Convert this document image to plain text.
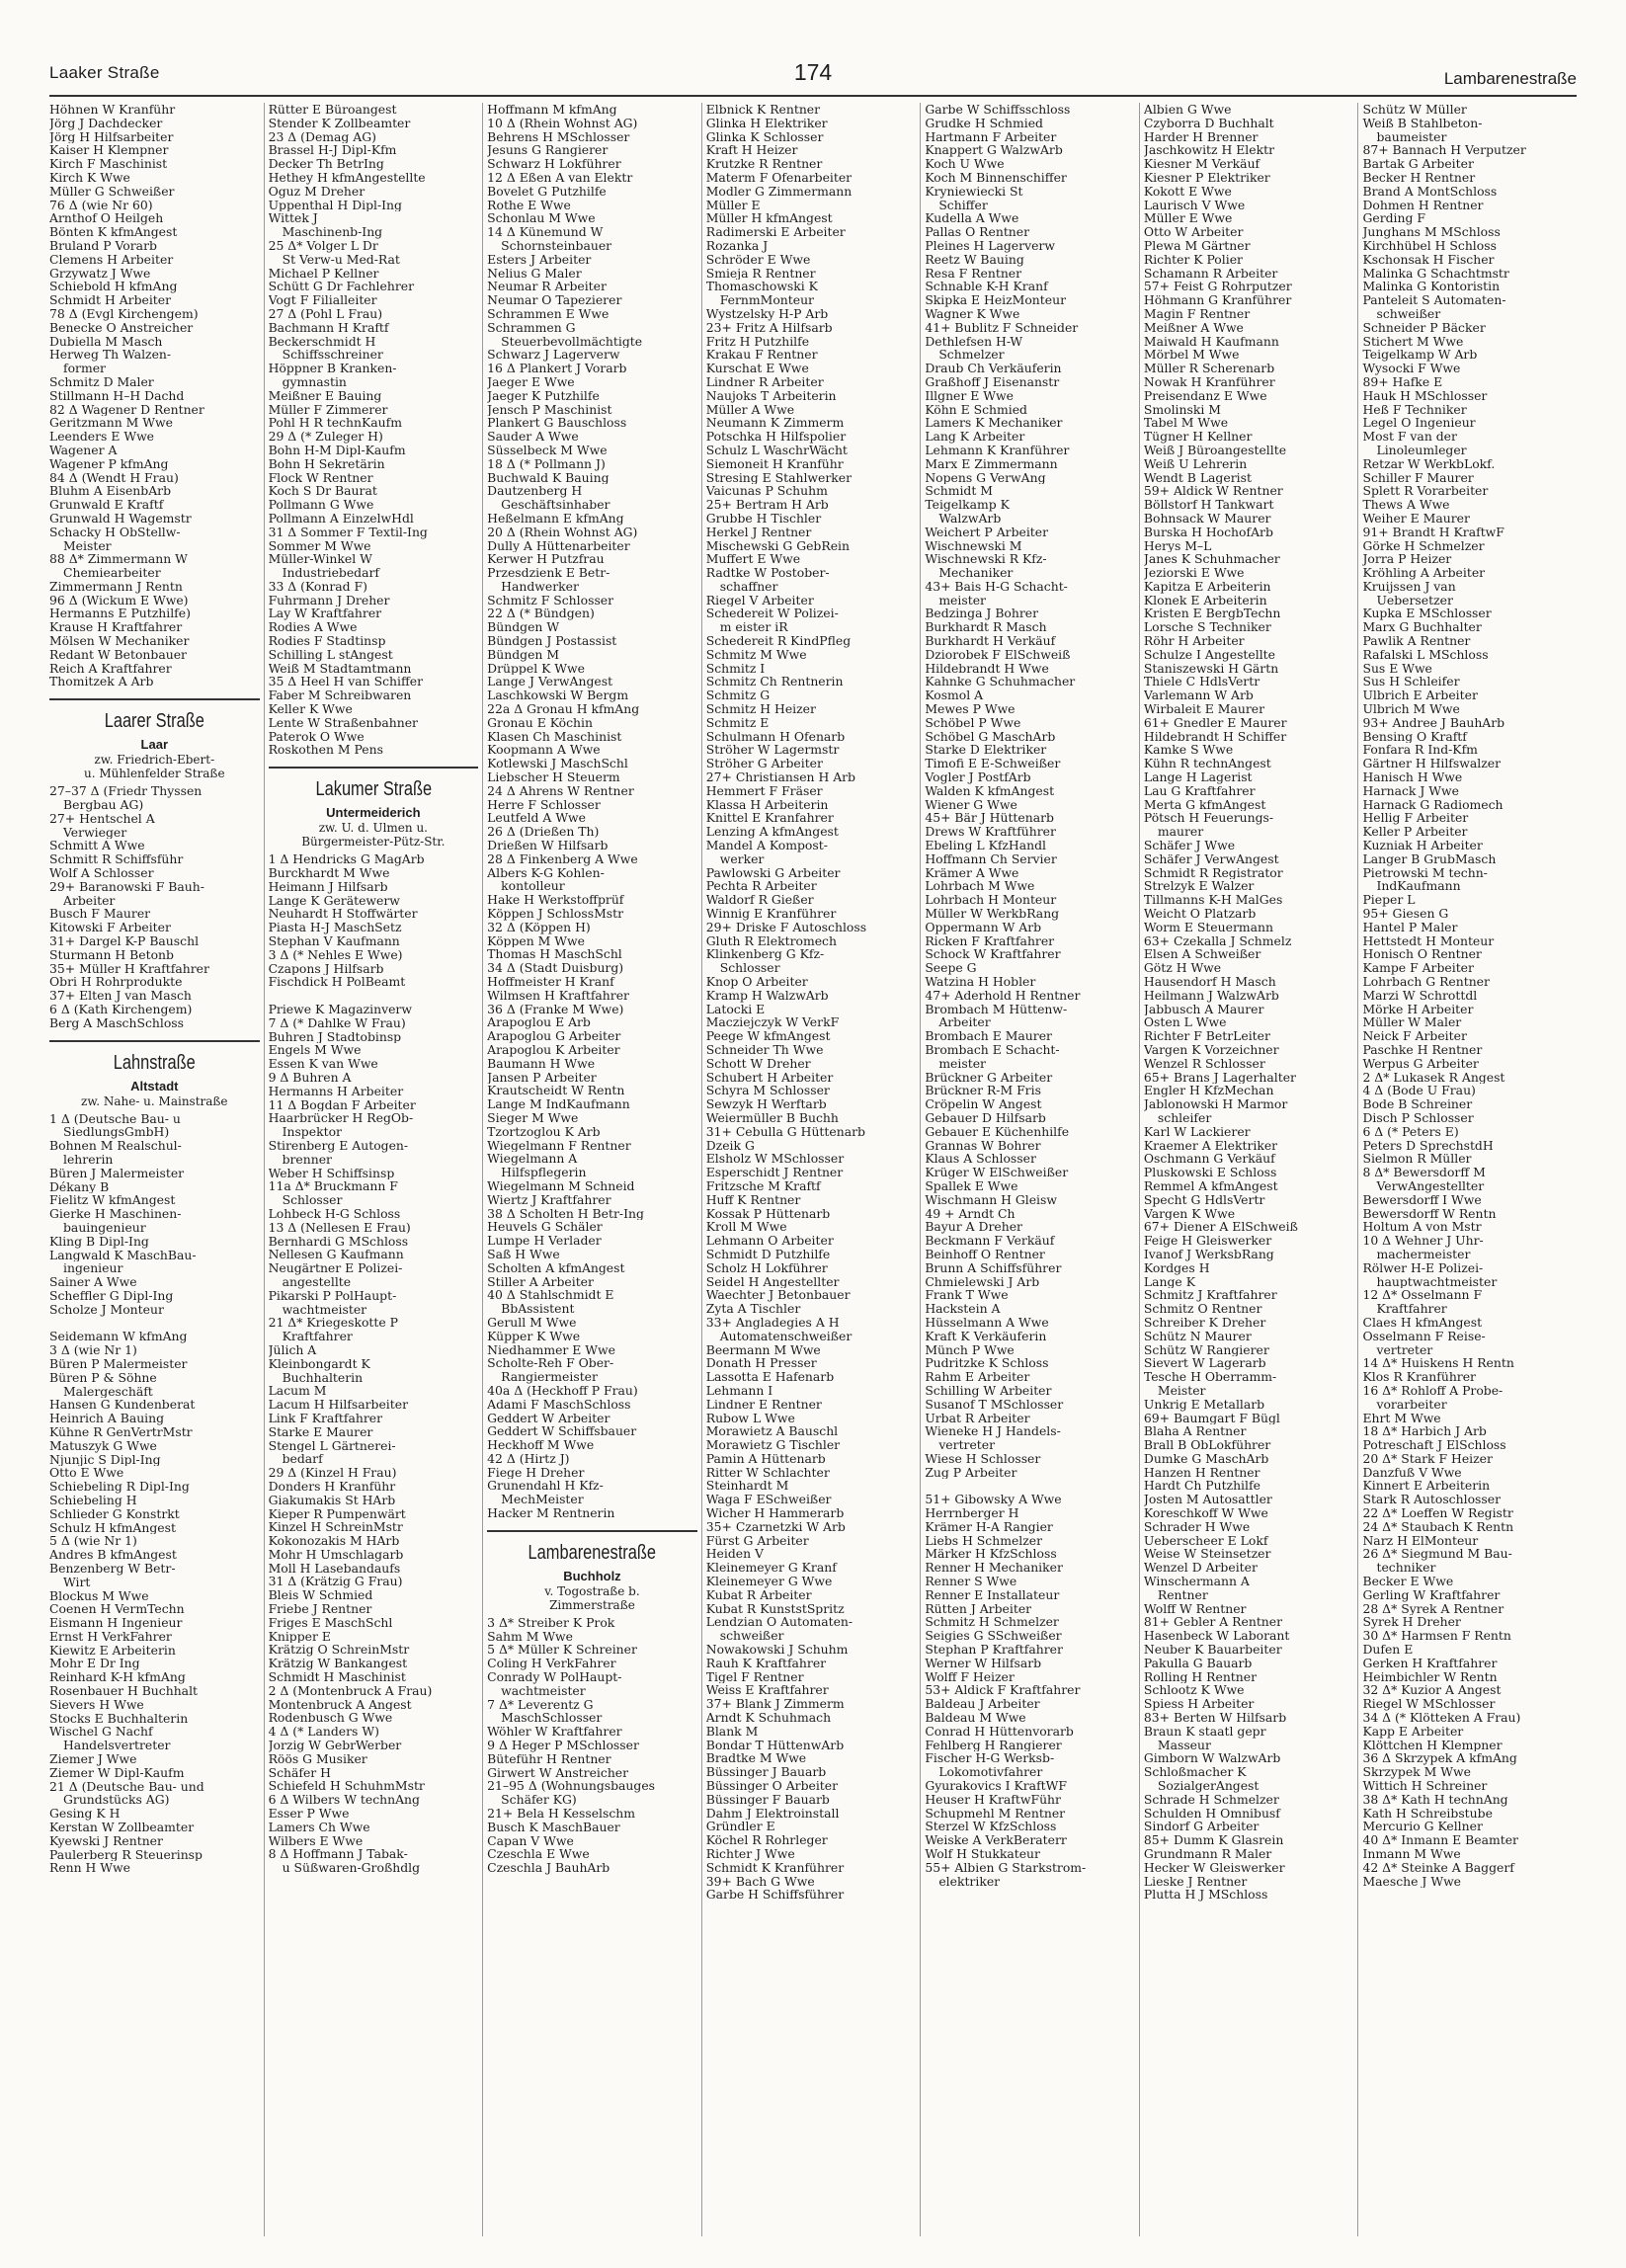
Laaker Straße	174	Lambarenestraße
Höhnen W Kranführ
Jörg J Dachdecker
Jörg H Hilfsarbeiter
Kaiser H Klempner
Kirch F Maschinist
Kirch K Wwe
Müller G Schweißer
76 Δ (wie Nr 60)
Arnthof O Heilgeh
Bönten K kfmAngest
Bruland P Vorarb
Clemens H Arbeiter
Grzywatz J Wwe
Schiebold H kfmAng
Schmidt H Arbeiter
78 Δ (Evgl Kirchengem)
Benecke O Anstreicher
Dubiella M Masch
Herweg Th Walzen-
former
Schmitz D Maler
Stillmann H–H Dachd
82 Δ Wagener D Rentner
Geritzmann M Wwe
Leenders E Wwe
Wagener A
Wagener P kfmAng
84 Δ (Wendt H Frau)
Bluhm A EisenbArb
Grunwald E Kraftf
Grunwald H Wagemstr
Schacky H ObStellw-
Meister
88 Δ* Zimmermann W
Chemiearbeiter
Zimmermann J Rentn
96 Δ (Wickum E Wwe)
Hermanns E Putzhilfe)
Krause H Kraftfahrer
Mölsen W Mechaniker
Redant W Betonbauer
Reich A Kraftfahrer
Thomitzek A Arb
Laarer Straße
Laar
zw. Friedrich-Ebert-
u. Mühlenfelder Straße
27–37 Δ (Friedr Thyssen
Bergbau AG)
27+ Hentschel A
Verwieger
Schmitt A Wwe
Schmitt R Schiffsführ
Wolf A Schlosser
29+ Baranowski F Bauh-
Arbeiter
Busch F Maurer
Kitowski F Arbeiter
31+ Dargel K-P Bauschl
Sturmann H Betonb
35+ Müller H Kraftfahrer
Obri H Rohrprodukte
37+ Elten J van Masch
6 Δ (Kath Kirchengem)
Berg A MaschSchloss
Lahnstraße
Altstadt
zw. Nahe- u. Mainstraße
1 Δ (Deutsche Bau- u
SiedlungsGmbH)
Bohnen M Realschul-
lehrerin
Büren J Malermeister
Dékany B
Fielitz W kfmAngest
Gierke H Maschinen-
bauingenieur
Kling B Dipl-Ing
Langwald K MaschBau-
ingenieur
Sainer A Wwe
Scheffler G Dipl-Ing
Scholze J Monteur

Seidemann W kfmAng
3 Δ (wie Nr 1)
Büren P Malermeister
Büren P & Söhne
Malergeschäft
Hansen G Kundenberat
Heinrich A Bauing
Kühne R GenVertrMstr
Matuszyk G Wwe
Njunjic S Dipl-Ing
Otto E Wwe
Schiebeling R Dipl-Ing
Schiebeling H
Schlieder G Konstrkt
Schulz H kfmAngest
5 Δ (wie Nr 1)
Andres B kfmAngest
Benzenberg W Betr-
Wirt
Blockus M Wwe
Coenen H VermTechn
Eismann H Ingenieur
Ernst H VerkFahrer
Kiewitz E Arbeiterin
Mohr E Dr Ing
Reinhard K-H kfmAng
Rosenbauer H Buchhalt
Sievers H Wwe
Stocks E Buchhalterin
Wischel G Nachf
Handelsvertreter
Ziemer J Wwe
Ziemer W Dipl-Kaufm
21 Δ (Deutsche Bau- und
Grundstücks AG)
Gesing K H
Kerstan W Zollbeamter
Kyewski J Rentner
Paulerberg R Steuerinsp
Renn H Wwe
Rütter E Büroangest
Stender K Zollbeamter
23 Δ (Demag AG)
Brassel H-J Dipl-Kfm
Decker Th BetrIng
Hethey H kfmAngestellte
Oguz M Dreher
Uppenthal H Dipl-Ing
Wittek J
Maschinenb-Ing
25 Δ* Volger L Dr
St Verw-u Med-Rat
Michael P Kellner
Schütt G Dr Fachlehrer
Vogt F Filialleiter
27 Δ (Pohl L Frau)
Bachmann H Kraftf
Beckerschmidt H
Schiffsschreiner
Höppner B Kranken-
gymnastin
Meißner E Bauing
Müller F Zimmerer
Pohl H R technKaufm
29 Δ (* Zuleger H)
Bohn H-M Dipl-Kaufm
Bohn H Sekretärin
Flock W Rentner
Koch S Dr Baurat
Pollmann G Wwe
Pollmann A EinzelwHdl
31 Δ Sommer F Textil-Ing
Sommer M Wwe
Müller-Winkel W
Industriebedarf
33 Δ (Konrad F)
Fuhrmann J Dreher
Lay W Kraftfahrer
Rodies A Wwe
Rodies F Stadtinsp
Schilling L stAngest
Weiß M Stadtamtmann
35 Δ Heel H van Schiffer
Faber M Schreibwaren
Keller K Wwe
Lente W Straßenbahner
Paterok O Wwe
Roskothen M Pens
Lakumer Straße
Untermeiderich
zw. U. d. Ulmen u.
Bürgermeister-Pütz-Str.
1 Δ Hendricks G MagArb
Burckhardt M Wwe
Heimann J Hilfsarb
Lange K Gerätewerw
Neuhardt H Stoffwärter
Piasta H-J MaschSetz
Stephan V Kaufmann
3 Δ (* Nehles E Wwe)
Czapons J Hilfsarb
Fischdick H PolBeamt

Priewe K Magazinverw
7 Δ (* Dahlke W Frau)
Buhren J Stadtobinsp
Engels M Wwe
Essen K van Wwe
9 Δ Buhren A
Hermanns H Arbeiter
11 Δ Bogdan F Arbeiter
Haarbrücker H RegOb-
Inspektor
Stirenberg E Autogen-
brenner
Weber H Schiffsinsp
11a Δ* Bruckmann F
Schlosser
Lohbeck H-G Schloss
13 Δ (Nellesen E Frau)
Bernhardi G MSchloss
Nellesen G Kaufmann
Neugärtner E Polizei-
angestellte
Pikarski P PolHaupt-
wachtmeister
21 Δ* Kriegeskotte P
Kraftfahrer
Jülich A
Kleinbongardt K
Buchhalterin
Lacum M
Lacum H Hilfsarbeiter
Link F Kraftfahrer
Starke E Maurer
Stengel L Gärtnerei-
bedarf
29 Δ (Kinzel H Frau)
Donders H Kranführ
Giakumakis St HArb
Kieper R Pumpenwärt
Kinzel H SchreinMstr
Kokonozakis M HArb
Mohr H Umschlagarb
Moll H Lasebandaufs
31 Δ (Krätzig G Frau)
Bleis W Schmied
Friebe J Rentner
Friges E MaschSchl
Knipper E
Krätzig O SchreinMstr
Krätzig W Bankangest
Schmidt H Maschinist
2 Δ (Montenbruck A Frau)
Montenbruck A Angest
Rodenbusch G Wwe
4 Δ (* Landers W)
Jorzig W GebrWerber
Röös G Musiker
Schäfer H
Schiefeld H SchuhmMstr
6 Δ Wilbers W technAng
Esser P Wwe
Lamers Ch Wwe
Wilbers E Wwe
8 Δ Hoffmann J Tabak-
u Süßwaren-Großhdlg
Hoffmann M kfmAng
10 Δ (Rhein Wohnst AG)
Behrens H MSchlosser
Jesuns G Rangierer
Schwarz H Lokführer
12 Δ Eßen A van Elektr
Bovelet G Putzhilfe
Rothe E Wwe
Schonlau M Wwe
14 Δ Künemund W
Schornsteinbauer
Esters J Arbeiter
Nelius G Maler
Neumar R Arbeiter
Neumar O Tapezierer
Schrammen E Wwe
Schrammen G
Steuerbevollmächtigte
Schwarz J Lagerverw
16 Δ Plankert J Vorarb
Jaeger E Wwe
Jaeger K Putzhilfe
Jensch P Maschinist
Plankert G Bauschloss
Sauder A Wwe
Süsselbeck M Wwe
18 Δ (* Pollmann J)
Buchwald K Bauing
Dautzenberg H
Geschäftsinhaber
Heßelmann E kfmAng
20 Δ (Rhein Wohnst AG)
Dully A Hüttenarbeiter
Kerwer H Putzfrau
Przesdzienk E Betr-
Handwerker
Schmitz F Schlosser
22 Δ (* Bündgen)
Bündgen W
Bündgen J Postassist
Bündgen M
Drüppel K Wwe
Lange J VerwAngest
Laschkowski W Bergm
22a Δ Gronau H kfmAng
Gronau E Köchin
Klasen Ch Maschinist
Koopmann A Wwe
Kotlewski J MaschSchl
Liebscher H Steuerm
24 Δ Ahrens W Rentner
Herre F Schlosser
Leutfeld A Wwe
26 Δ (Drießen Th)
Drießen W Hilfsarb
28 Δ Finkenberg A Wwe
Albers K-G Kohlen-
kontolleur
Hake H Werkstoffprüf
Köppen J SchlossMstr
32 Δ (Köppen H)
Köppen M Wwe
Thomas H MaschSchl
34 Δ (Stadt Duisburg)
Hoffmeister H Kranf
Wilmsen H Kraftfahrer
36 Δ (Franke M Wwe)
Arapoglou E Arb
Arapoglou G Arbeiter
Arapoglou K Arbeiter
Baumann H Wwe
Jansen P Arbeiter
Krautscheidt W Rentn
Lange M IndKaufmann
Sieger M Wwe
Tzortzoglou K Arb
Wiegelmann F Rentner
Wiegelmann A
Hilfspflegerin
Wiegelmann M Schneid
Wiertz J Kraftfahrer
38 Δ Scholten H Betr-Ing
Heuvels G Schäler
Lumpe H Verlader
Saß H Wwe
Scholten A kfmAngest
Stiller A Arbeiter
40 Δ Stahlschmidt E
BbAssistent
Gerull M Wwe
Küpper K Wwe
Niedhammer E Wwe
Scholte-Reh F Ober-
Rangiermeister
40a Δ (Heckhoff P Frau)
Adami F MaschSchloss
Geddert W Arbeiter
Geddert W Schiffsbauer
Heckhoff M Wwe
42 Δ (Hirtz J)
Fiege H Dreher
Grunendahl H Kfz-
MechMeister
Hacker M Rentnerin
Lambarenestraße
Buchholz
v. Togostraße b.
Zimmerstraße
3 Δ* Streiber K Prok
Sahm M Wwe
5 Δ* Müller K Schreiner
Coling H VerkFahrer
Conrady W PolHaupt-
wachtmeister
7 Δ* Leverentz G
MaschSchlosser
Wöhler W Kraftfahrer
9 Δ Heger P MSchlosser
Büteführ H Rentner
Girwert W Anstreicher
21–95 Δ (Wohnungsbauges
Schäfer KG)
21+ Bela H Kesselschm
Busch K MaschBauer
Capan V Wwe
Czeschla E Wwe
Czeschla J BauhArb
Elbnick K Rentner
Glinka H Elektriker
Glinka K Schlosser
Kraft H Heizer
Krutzke R Rentner
Materm F Ofenarbeiter
Modler G Zimmermann
Müller E
Müller H kfmAngest
Radimerski E Arbeiter
Rozanka J
Schröder E Wwe
Smieja R Rentner
Thomaschowski K
FernmMonteur
Wystzelsky H-P Arb
23+ Fritz A Hilfsarb
Fritz H Putzhilfe
Krakau F Rentner
Kurschat E Wwe
Lindner R Arbeiter
Naujoks T Arbeiterin
Müller A Wwe
Neumann K Zimmerm
Potschka H Hilfspolier
Schulz L WaschrWächt
Siemoneit H Kranführ
Stresing E Stahlwerker
Vaicunas P Schuhm
25+ Bertram H Arb
Grubbe H Tischler
Herkel J Rentner
Mischewski G GebRein
Muffert E Wwe
Radtke W Postober-
schaffner
Riegel V Arbeiter
Schedereit W Polizei-
m eister iR
Schedereit R KindPfleg
Schmitz M Wwe
Schmitz I
Schmitz Ch Rentnerin
Schmitz G
Schmitz H Heizer
Schmitz E
Schulmann H Ofenarb
Ströher W Lagermstr
Ströher G Arbeiter
27+ Christiansen H Arb
Hemmert F Fräser
Klassa H Arbeiterin
Knittel E Kranfahrer
Lenzing A kfmAngest
Mandel A Kompost-
werker
Pawlowski G Arbeiter
Pechta R Arbeiter
Waldorf R Gießer
Winnig E Kranführer
29+ Driske F Autoschloss
Gluth R Elektromech
Klinkenberg G Kfz-
Schlosser
Knop O Arbeiter
Kramp H WalzwArb
Latocki E
Macziejczyk W VerkF
Peege W kfmAngest
Schneider Th Wwe
Schott W Dreher
Schubert H Arbeiter
Schyra M Schlosser
Sewzyk H Werftarb
Weiermüller B Buchh
31+ Cebulla G Hüttenarb
Dzeik G
Elsholz W MSchlosser
Esperschidt J Rentner
Fritzsche M Kraftf
Huff K Rentner
Kossak P Hüttenarb
Kroll M Wwe
Lehmann O Arbeiter
Schmidt D Putzhilfe
Scholz H Lokführer
Seidel H Angestellter
Waechter J Betonbauer
Zyta A Tischler
33+ Angladegies A H
Automatenschweißer
Beermann M Wwe
Donath H Presser
Lassotta E Hafenarb
Lehmann I
Lindner E Rentner
Rubow L Wwe
Morawietz A Bauschl
Morawietz G Tischler
Pamin A Hüttenarb
Ritter W Schlachter
Steinhardt M
Waga F ESchweißer
Wicher H Hammerarb
35+ Czarnetzki W Arb
Fürst G Arbeiter
Heiden V
Kleinemeyer G Kranf
Kleinemeyer G Wwe
Kubat R Arbeiter
Kubat R KunststSpritz
Lendzian O Automaten-
schweißer
Nowakowski J Schuhm
Rauh K Kraftfahrer
Tigel F Rentner
Weiss E Kraftfahrer
37+ Blank J Zimmerm
Arndt K Schuhmach
Blank M
Bondar T HüttenwArb
Bradtke M Wwe
Büssinger J Bauarb
Büssinger O Arbeiter
Büssinger F Bauarb
Dahm J Elektroinstall
Gründler E
Köchel R Rohrleger
Richter J Wwe
Schmidt K Kranführer
39+ Bach G Wwe
Garbe H Schiffsführer
Garbe W Schiffsschloss
Grudke H Schmied
Hartmann F Arbeiter
Knappert G WalzwArb
Koch U Wwe
Koch M Binnenschiffer
Kryniewiecki St
Schiffer
Kudella A Wwe
Pallas O Rentner
Pleines H Lagerverw
Reetz W Bauing
Resa F Rentner
Schnable K-H Kranf
Skipka E HeizMonteur
Wagner K Wwe
41+ Bublitz F Schneider
Dethlefsen H-W
Schmelzer
Draub Ch Verkäuferin
Graßhoff J Eisenanstr
Illgner E Wwe
Köhn E Schmied
Lamers K Mechaniker
Lang K Arbeiter
Lehmann K Kranführer
Marx E Zimmermann
Nopens G VerwAng
Schmidt M
Teigelkamp K
WalzwArb
Weichert P Arbeiter
Wischnewski M
Wischnewski R Kfz-
Mechaniker
43+ Bais H-G Schacht-
meister
Bedzinga J Bohrer
Burkhardt R Masch
Burkhardt H Verkäuf
Dziorobek F ElSchweiß
Hildebrandt H Wwe
Kahnke G Schuhmacher
Kosmol A
Mewes P Wwe
Schöbel P Wwe
Schöbel G MaschArb
Starke D Elektriker
Timofi E E-Schweißer
Vogler J PostfArb
Walden K kfmAngest
Wiener G Wwe
45+ Bär J Hüttenarb
Drews W Kraftführer
Ebeling L KfzHandl
Hoffmann Ch Servier
Krämer A Wwe
Lohrbach M Wwe
Lohrbach H Monteur
Müller W WerkbRang
Oppermann W Arb
Ricken F Kraftfahrer
Schock W Kraftfahrer
Seepe G
Watzina H Hobler
47+ Aderhold H Rentner
Brombach M Hüttenw-
Arbeiter
Brombach E Maurer
Brombach E Schacht-
meister
Brückner G Arbeiter
Brückner R-M Fris
Cröpelin W Angest
Gebauer D Hilfsarb
Gebauer E Küchenhilfe
Grannas W Bohrer
Klaus A Schlosser
Krüger W ElSchweißer
Spallek E Wwe
Wischmann H Gleisw
49 + Arndt Ch
Bayur A Dreher
Beckmann F Verkäuf
Beinhoff O Rentner
Brunn A Schiffsführer
Chmielewski J Arb
Frank T Wwe
Hackstein A
Hüsselmann A Wwe
Kraft K Verkäuferin
Münch P Wwe
Pudritzke K Schloss
Rahm E Arbeiter
Schilling W Arbeiter
Susanof T MSchlosser
Urbat R Arbeiter
Wieneke H J Handels-
vertreter
Wiese H Schlosser
Zug P Arbeiter

51+ Gibowsky A Wwe
Herrnberger H
Krämer H-A Rangier
Liebs H Schmelzer
Märker H KfzSchloss
Renner H Mechaniker
Renner S Wwe
Renner E Installateur
Rütten J Arbeiter
Schmitz H Schmelzer
Seigies G SSchweißer
Stephan P Kraftfahrer
Werner W Hilfsarb
Wolff F Heizer
53+ Aldick F Kraftfahrer
Baldeau J Arbeiter
Baldeau M Wwe
Conrad H Hüttenvorarb
Fehlberg H Rangierer
Fischer H-G Werksb-
Lokomotivfahrer
Gyurakovics I KraftWF
Heuser H KraftwFühr
Schupmehl M Rentner
Sterzel W KfzSchloss
Weiske A VerkBeraterr
Wolf H Stukkateur
55+ Albien G Starkstrom-
elektriker
Albien G Wwe
Czyborra D Buchhalt
Harder H Brenner
Jaschkowitz H Elektr
Kiesner M Verkäuf
Kiesner P Elektriker
Kokott E Wwe
Laurisch V Wwe
Müller E Wwe
Otto W Arbeiter
Plewa M Gärtner
Richter K Polier
Schamann R Arbeiter
57+ Feist G Rohrputzer
Höhmann G Kranführer
Magin F Rentner
Meißner A Wwe
Maiwald H Kaufmann
Mörbel M Wwe
Müller R Scherenarb
Nowak H Kranführer
Preisendanz E Wwe
Smolinski M
Tabel M Wwe
Tügner H Kellner
Weiß J Büroangestellte
Weiß U Lehrerin
Wendt B Lagerist
59+ Aldick W Rentner
Böllstorf H Tankwart
Bohnsack W Maurer
Burska H HochofArb
Herys M–L
Janes K Schuhmacher
Jeziorski E Wwe
Kapitza E Arbeiterin
Klonek E Arbeiterin
Kristen E BergbTechn
Lorsche S Techniker
Röhr H Arbeiter
Schulze I Angestellte
Staniszewski H Gärtn
Thiele C HdlsVertr
Varlemann W Arb
Wirbaleit E Maurer
61+ Gnedler E Maurer
Hildebrandt H Schiffer
Kamke S Wwe
Kühn R technAngest
Lange H Lagerist
Lau G Kraftfahrer
Merta G kfmAngest
Pötsch H Feuerungs-
maurer
Schäfer J Wwe
Schäfer J VerwAngest
Schmidt R Registrator
Strelzyk E Walzer
Tillmanns K-H MalGes
Weicht O Platzarb
Worm E Steuermann
63+ Czekalla J Schmelz
Elsen A Schweißer
Götz H Wwe
Hausendorf H Masch
Heilmann J WalzwArb
Jabbusch A Maurer
Osten L Wwe
Richter F BetrLeiter
Vargen K Vorzeichner
Wenzel R Schlosser
65+ Brans J Lagerhalter
Engler H KfzMechan
Jablonowski H Marmor
schleifer
Karl W Lackierer
Kraemer A Elektriker
Oschmann G Verkäuf
Pluskowski E Schloss
Remmel A kfmAngest
Specht G HdlsVertr
Vargen K Wwe
67+ Diener A ElSchweiß
Feige H Gleiswerker
Ivanof J WerksbRang
Kordges H
Lange K
Schmitz J Kraftfahrer
Schmitz O Rentner
Schreiber K Dreher
Schütz N Maurer
Schütz W Rangierer
Sievert W Lagerarb
Tesche H Oberramm-
Meister
Unkrig E Metallarb
69+ Baumgart F Bügl
Blaha A Rentner
Brall B ObLokführer
Dumke G MaschArb
Hanzen H Rentner
Hardt Ch Putzhilfe
Josten M Autosattler
Koreschkoff W Wwe
Schrader H Wwe
Ueberscheer E Lokf
Weise W Steinsetzer
Wenzel D Arbeiter
Winschermann A
Rentner
Wolff W Rentner
81+ Gebler A Rentner
Hasenbeck W Laborant
Neuber K Bauarbeiter
Pakulla G Bauarb
Rolling H Rentner
Schlootz K Wwe
Spiess H Arbeiter
83+ Berten W Hilfsarb
Braun K staatl gepr
Masseur
Gimborn W WalzwArb
Schloßmacher K
SozialgerAngest
Schrade H Schmelzer
Schulden H Omnibusf
Sindorf G Arbeiter
85+ Dumm K Glasrein
Grundmann R Maler
Hecker W Gleiswerker
Lieske J Rentner
Plutta H J MSchloss
Schütz W Müller
Weiß B Stahlbeton-
baumeister
87+ Bannach H Verputzer
Bartak G Arbeiter
Becker H Rentner
Brand A MontSchloss
Dohmen H Rentner
Gerding F
Junghans M MSchloss
Kirchhübel H Schloss
Kschonsak H Fischer
Malinka G Schachtmstr
Malinka G Kontoristin
Panteleit S Automaten-
schweißer
Schneider P Bäcker
Stichert M Wwe
Teigelkamp W Arb
Wysocki F Wwe
89+ Hafke E
Hauk H MSchlosser
Heß F Techniker
Legel O Ingenieur
Most F van der
Linoleumleger
Retzar W WerkbLokf.
Schiller F Maurer
Splett R Vorarbeiter
Thews A Wwe
Weiher E Maurer
91+ Brandt H KraftwF
Görke H Schmelzer
Jorra P Heizer
Kröhling A Arbeiter
Kruijssen J van
Uebersetzer
Kupka E MSchlosser
Marx G Buchhalter
Pawlik A Rentner
Rafalski L MSchloss
Sus E Wwe
Sus H Schleifer
Ulbrich E Arbeiter
Ulbrich M Wwe
93+ Andree J BauhArb
Bensing O Kraftf
Fonfara R Ind-Kfm
Gärtner H Hilfswalzer
Hanisch H Wwe
Harnack J Wwe
Harnack G Radiomech
Hellig F Arbeiter
Keller P Arbeiter
Kuzniak H Arbeiter
Langer B GrubMasch
Pietrowski M techn-
IndKaufmann
Pieper L
95+ Giesen G
Hantel P Maler
Hettstedt H Monteur
Honisch O Rentner
Kampe F Arbeiter
Lohrbach G Rentner
Marzi W Schrottdl
Mörke H Arbeiter
Müller W Maler
Neick F Arbeiter
Paschke H Rentner
Werpus G Arbeiter
2 Δ* Lukasek R Angest
4 Δ (Bode U Frau)
Bode B Schreiner
Disch P Schlosser
6 Δ (* Peters E)
Peters D SprechstdH
Sielmon R Müller
8 Δ* Bewersdorff M
VerwAngestellter
Bewersdorff I Wwe
Bewersdorff W Rentn
Holtum A von Mstr
10 Δ Wehner J Uhr-
machermeister
Rölwer H-E Polizei-
hauptwachtmeister
12 Δ* Osselmann F
Kraftfahrer
Claes H kfmAngest
Osselmann F Reise-
vertreter
14 Δ* Huiskens H Rentn
Klos R Kranführer
16 Δ* Rohloff A Probe-
vorarbeiter
Ehrt M Wwe
18 Δ* Harbich J Arb
Potreschaft J ElSchloss
20 Δ* Stark F Heizer
Danzfuß V Wwe
Kinnert E Arbeiterin
Stark R Autoschlosser
22 Δ* Loeffen W Registr
24 Δ* Staubach K Rentn
Narz H ElMonteur
26 Δ* Siegmund M Bau-
techniker
Becker E Wwe
Gerling W Kraftfahrer
28 Δ* Syrek A Rentner
Syrek H Dreher
30 Δ* Harmsen F Rentn
Dufen E
Gerken H Kraftfahrer
Heimbichler W Rentn
32 Δ* Kuzior A Angest
Riegel W MSchlosser
34 Δ (* Klötteken A Frau)
Kapp E Arbeiter
Klöttchen H Klempner
36 Δ Skrzypek A kfmAng
Skrzypek M Wwe
Wittich H Schreiner
38 Δ* Kath H technAng
Kath H Schreibstube
Mercurio G Kellner
40 Δ* Inmann E Beamter
Inmann M Wwe
42 Δ* Steinke A Baggerf
Maesche J Wwe
